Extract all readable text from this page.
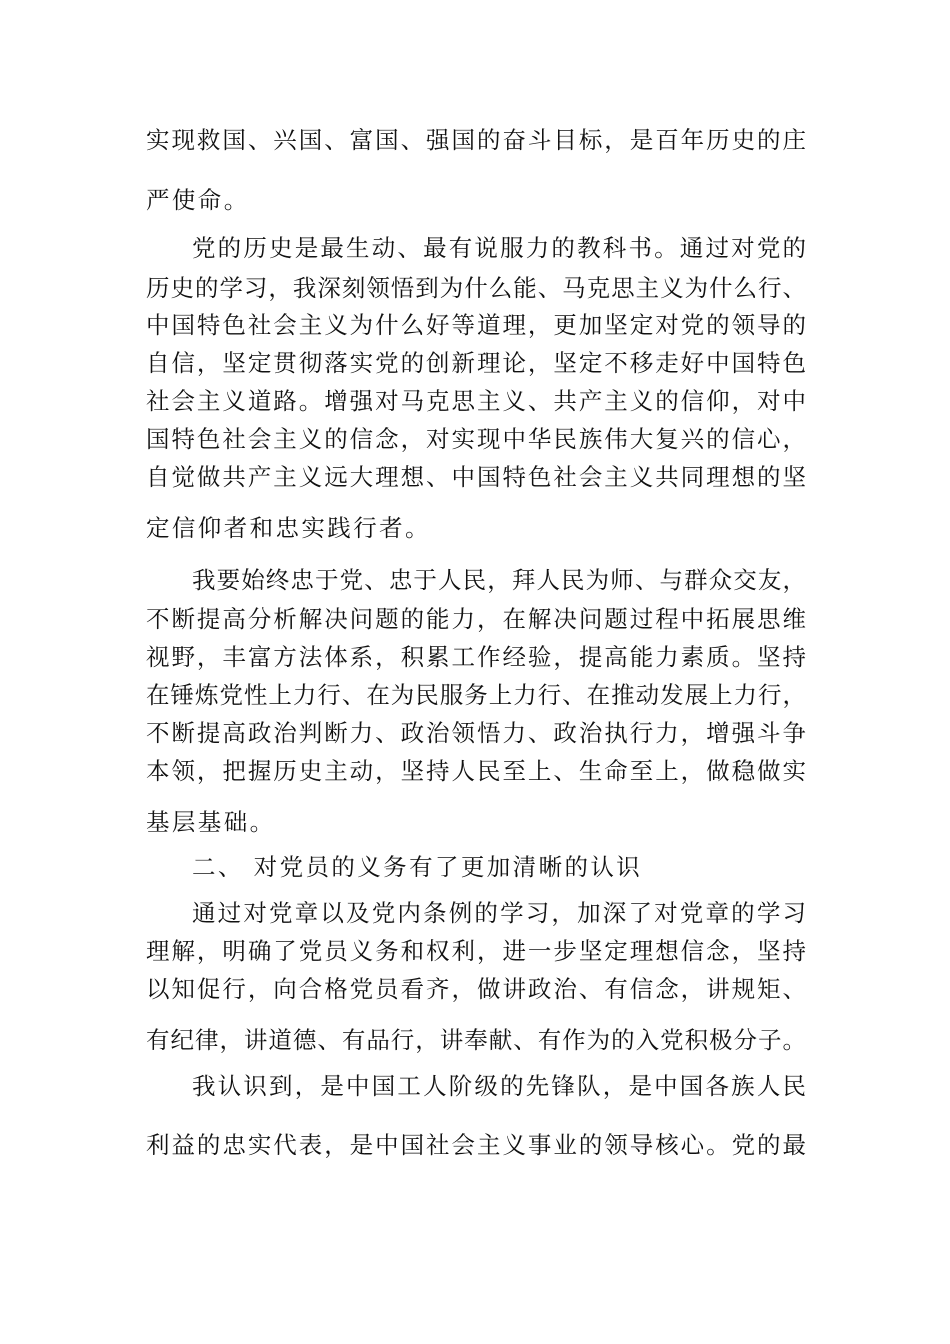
实现救国、兴国、富国、强国的奋斗目标，是百年历史的庄
严使命。
党的历史是最生动、最有说服力的教科书。通过对党的
历史的学习，我深刻领悟到为什么能、马克思主义为什么行、
中国特色社会主义为什么好等道理，更加坚定对党的领导的
自信，坚定贯彻落实党的创新理论，坚定不移走好中国特色
社会主义道路。增强对马克思主义、共产主义的信仰，对中
国特色社会主义的信念，对实现中华民族伟大复兴的信心，
自觉做共产主义远大理想、中国特色社会主义共同理想的坚
定信仰者和忠实践行者。
我要始终忠于党、忠于人民，拜人民为师、与群众交友，
不断提高分析解决问题的能力，在解决问题过程中拓展思维
视野，丰富方法体系，积累工作经验，提高能力素质。坚持
在锤炼党性上力行、在为民服务上力行、在推动发展上力行，
不断提高政治判断力、政治领悟力、政治执行力，增强斗争
本领，把握历史主动，坚持人民至上、生命至上，做稳做实
基层基础。
二、 对党员的义务有了更加清晰的认识
通过对党章以及党内条例的学习，加深了对党章的学习
理解，明确了党员义务和权利，进一步坚定理想信念，坚持
以知促行，向合格党员看齐，做讲政治、有信念，讲规矩、
有纪律，讲道德、有品行，讲奉献、有作为的入党积极分子。
我认识到，是中国工人阶级的先锋队，是中国各族人民
利益的忠实代表，是中国社会主义事业的领导核心。党的最
